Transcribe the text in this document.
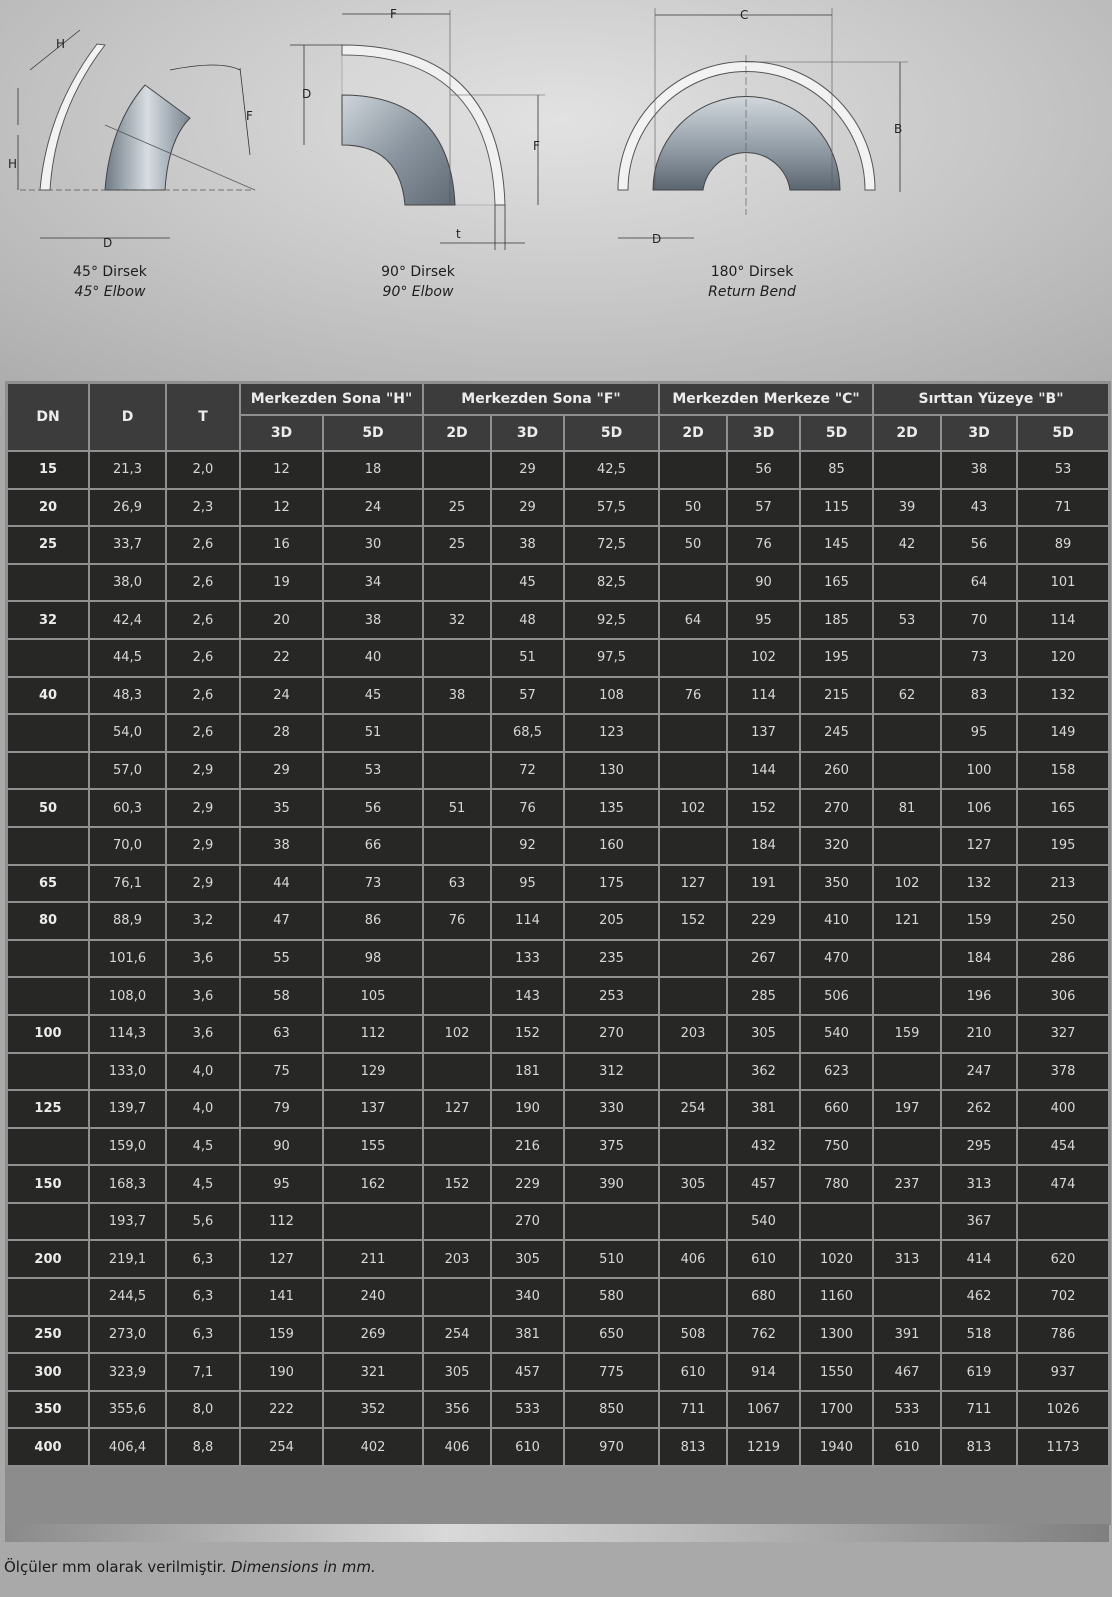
H
H
D
F
45° Dirsek
45° Elbow
F
D
F
t
90° Dirsek
90° Elbow
C
B
D
180° Dirsek
Return Bend
DN	D	T	Merkezden Sona "H"		Merkezden Sona "F"			Merkezden Merkeze "C"			Sırttan Yüzeye "B"		
			3D	5D	2D	3D	5D	2D	3D	5D	2D	3D	5D
15	21,3	2,0	12	18		29	42,5		56	85		38	53
20	26,9	2,3	12	24	25	29	57,5	50	57	115	39	43	71
25	33,7	2,6	16	30	25	38	72,5	50	76	145	42	56	89
	38,0	2,6	19	34		45	82,5		90	165		64	101
32	42,4	2,6	20	38	32	48	92,5	64	95	185	53	70	114
	44,5	2,6	22	40		51	97,5		102	195		73	120
40	48,3	2,6	24	45	38	57	108	76	114	215	62	83	132
	54,0	2,6	28	51		68,5	123		137	245		95	149
	57,0	2,9	29	53		72	130		144	260		100	158
50	60,3	2,9	35	56	51	76	135	102	152	270	81	106	165
	70,0	2,9	38	66		92	160		184	320		127	195
65	76,1	2,9	44	73	63	95	175	127	191	350	102	132	213
80	88,9	3,2	47	86	76	114	205	152	229	410	121	159	250
	101,6	3,6	55	98		133	235		267	470		184	286
	108,0	3,6	58	105		143	253		285	506		196	306
100	114,3	3,6	63	112	102	152	270	203	305	540	159	210	327
	133,0	4,0	75	129		181	312		362	623		247	378
125	139,7	4,0	79	137	127	190	330	254	381	660	197	262	400
	159,0	4,5	90	155		216	375		432	750		295	454
150	168,3	4,5	95	162	152	229	390	305	457	780	237	313	474
	193,7	5,6	112			270			540			367	
200	219,1	6,3	127	211	203	305	510	406	610	1020	313	414	620
	244,5	6,3	141	240		340	580		680	1160		462	702
250	273,0	6,3	159	269	254	381	650	508	762	1300	391	518	786
300	323,9	7,1	190	321	305	457	775	610	914	1550	467	619	937
350	355,6	8,0	222	352	356	533	850	711	1067	1700	533	711	1026
400	406,4	8,8	254	402	406	610	970	813	1219	1940	610	813	1173
Ölçüler mm olarak verilmiştir. Dimensions in mm.
